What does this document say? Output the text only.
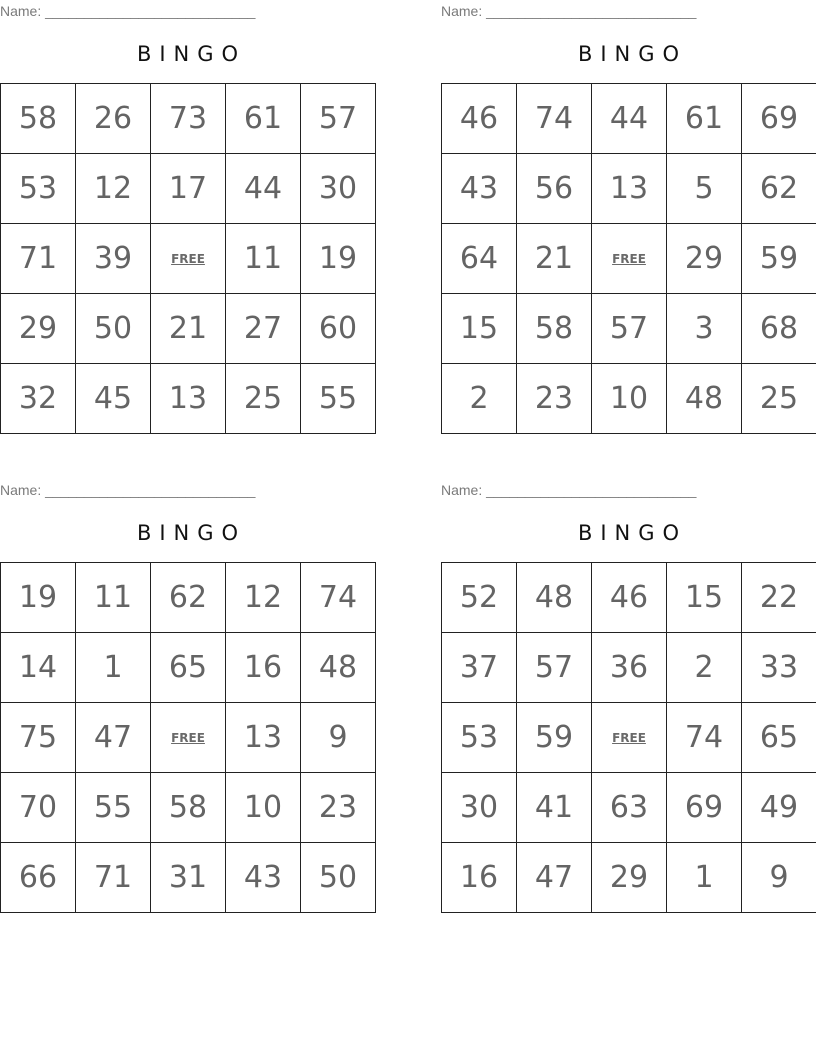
Name: ___________________________
BINGO
58	26	73	61	57
53	12	17	44	30
71	39	FREE	11	19
29	50	21	27	60
32	45	13	25	55
Name: ___________________________
BINGO
46	74	44	61	69
43	56	13	5	62
64	21	FREE	29	59
15	58	57	3	68
2	23	10	48	25
Name: ___________________________
BINGO
19	11	62	12	74
14	1	65	16	48
75	47	FREE	13	9
70	55	58	10	23
66	71	31	43	50
Name: ___________________________
BINGO
52	48	46	15	22
37	57	36	2	33
53	59	FREE	74	65
30	41	63	69	49
16	47	29	1	9
